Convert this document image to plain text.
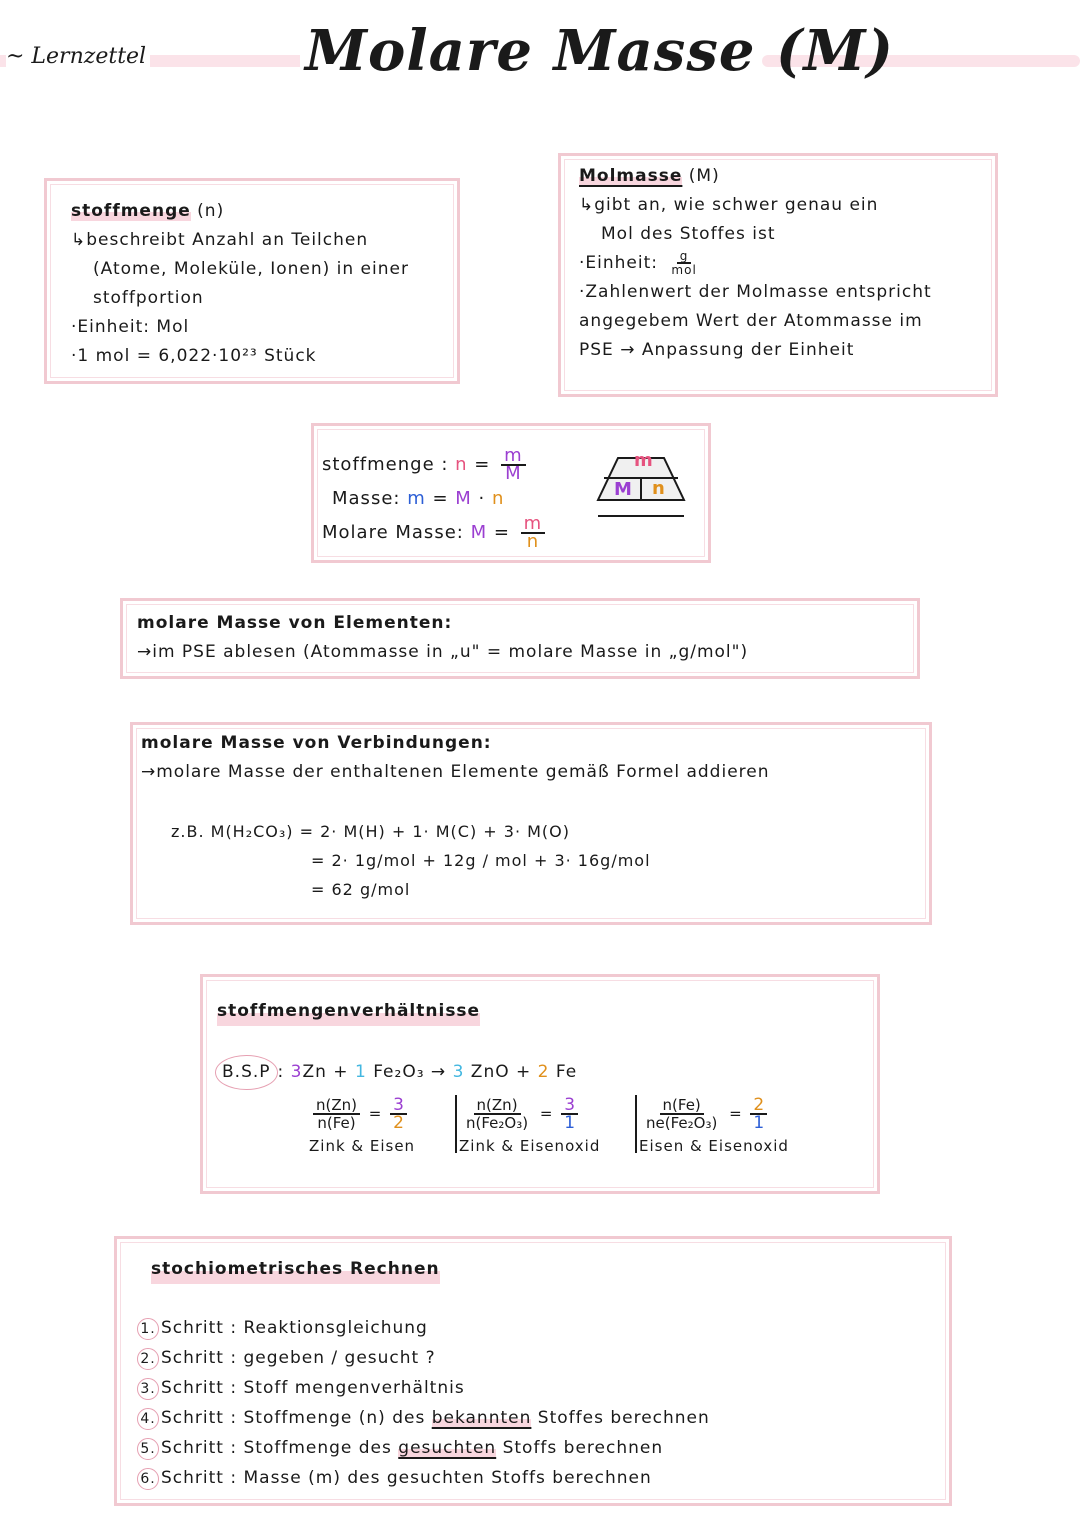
~ Lernzettel	Molare Masse (M)
stoffmenge (n)
↳beschreibt Anzahl an Teilchen
(Atome, Moleküle, Ionen) in einer
stoffportion
·Einheit: Mol
·1 mol = 6,022·10²³ Stück
Molmasse (M)
↳gibt an, wie schwer genau ein
Mol des Stoffes ist
·Einheit: $\frac{g}{\text{mol}}$
·Zahlenwert der Molmasse entspricht
angegebem Wert der Atommasse im
PSE → Anpassung der Einheit
stoffmenge : $n = \frac{m}{M}$
Masse: m = M · n
Molare Masse: $M = \frac{m}{n}$
m
M n
molare Masse von Elementen:
→im PSE ablesen (Atommasse in „u" = molare Masse in „g/mol")
molare Masse von Verbindungen:
→molare Masse der enthaltenen Elemente gemäß Formel addieren
z.B. M(H₂CO₃) = 2· M(H) + 1· M(C) + 3· M(O)
= 2· 1g/mol + 12g / mol + 3· 16g/mol
= 62 g/mol
stoffmengenverhältnisse
B.S.P : 3Zn + 1 Fe₂O₃ → 3 ZnO + 2 Fe
$\frac{n(Zn)}{n(Fe)} = \frac{3}{2}$
Zink & Eisen
$\frac{n(Zn)}{\text{n(Fe₂O₃)}} = \frac{3}{1}$
Zink & Eisenoxid
$\frac{n(Fe)}{\text{ne(Fe₂O₃)}} = \frac{2}{1}$
Eisen & Eisenoxid
stochiometrisches Rechnen
1. Schritt : Reaktionsgleichung
2. Schritt : gegeben / gesucht ?
3. Schritt : Stoff mengenverhältnis
4. Schritt : Stoffmenge (n) des bekannten Stoffes berechnen
5. Schritt : Stoffmenge des gesuchten Stoffs berechnen
6. Schritt : Masse (m) des gesuchten Stoffs berechnen
